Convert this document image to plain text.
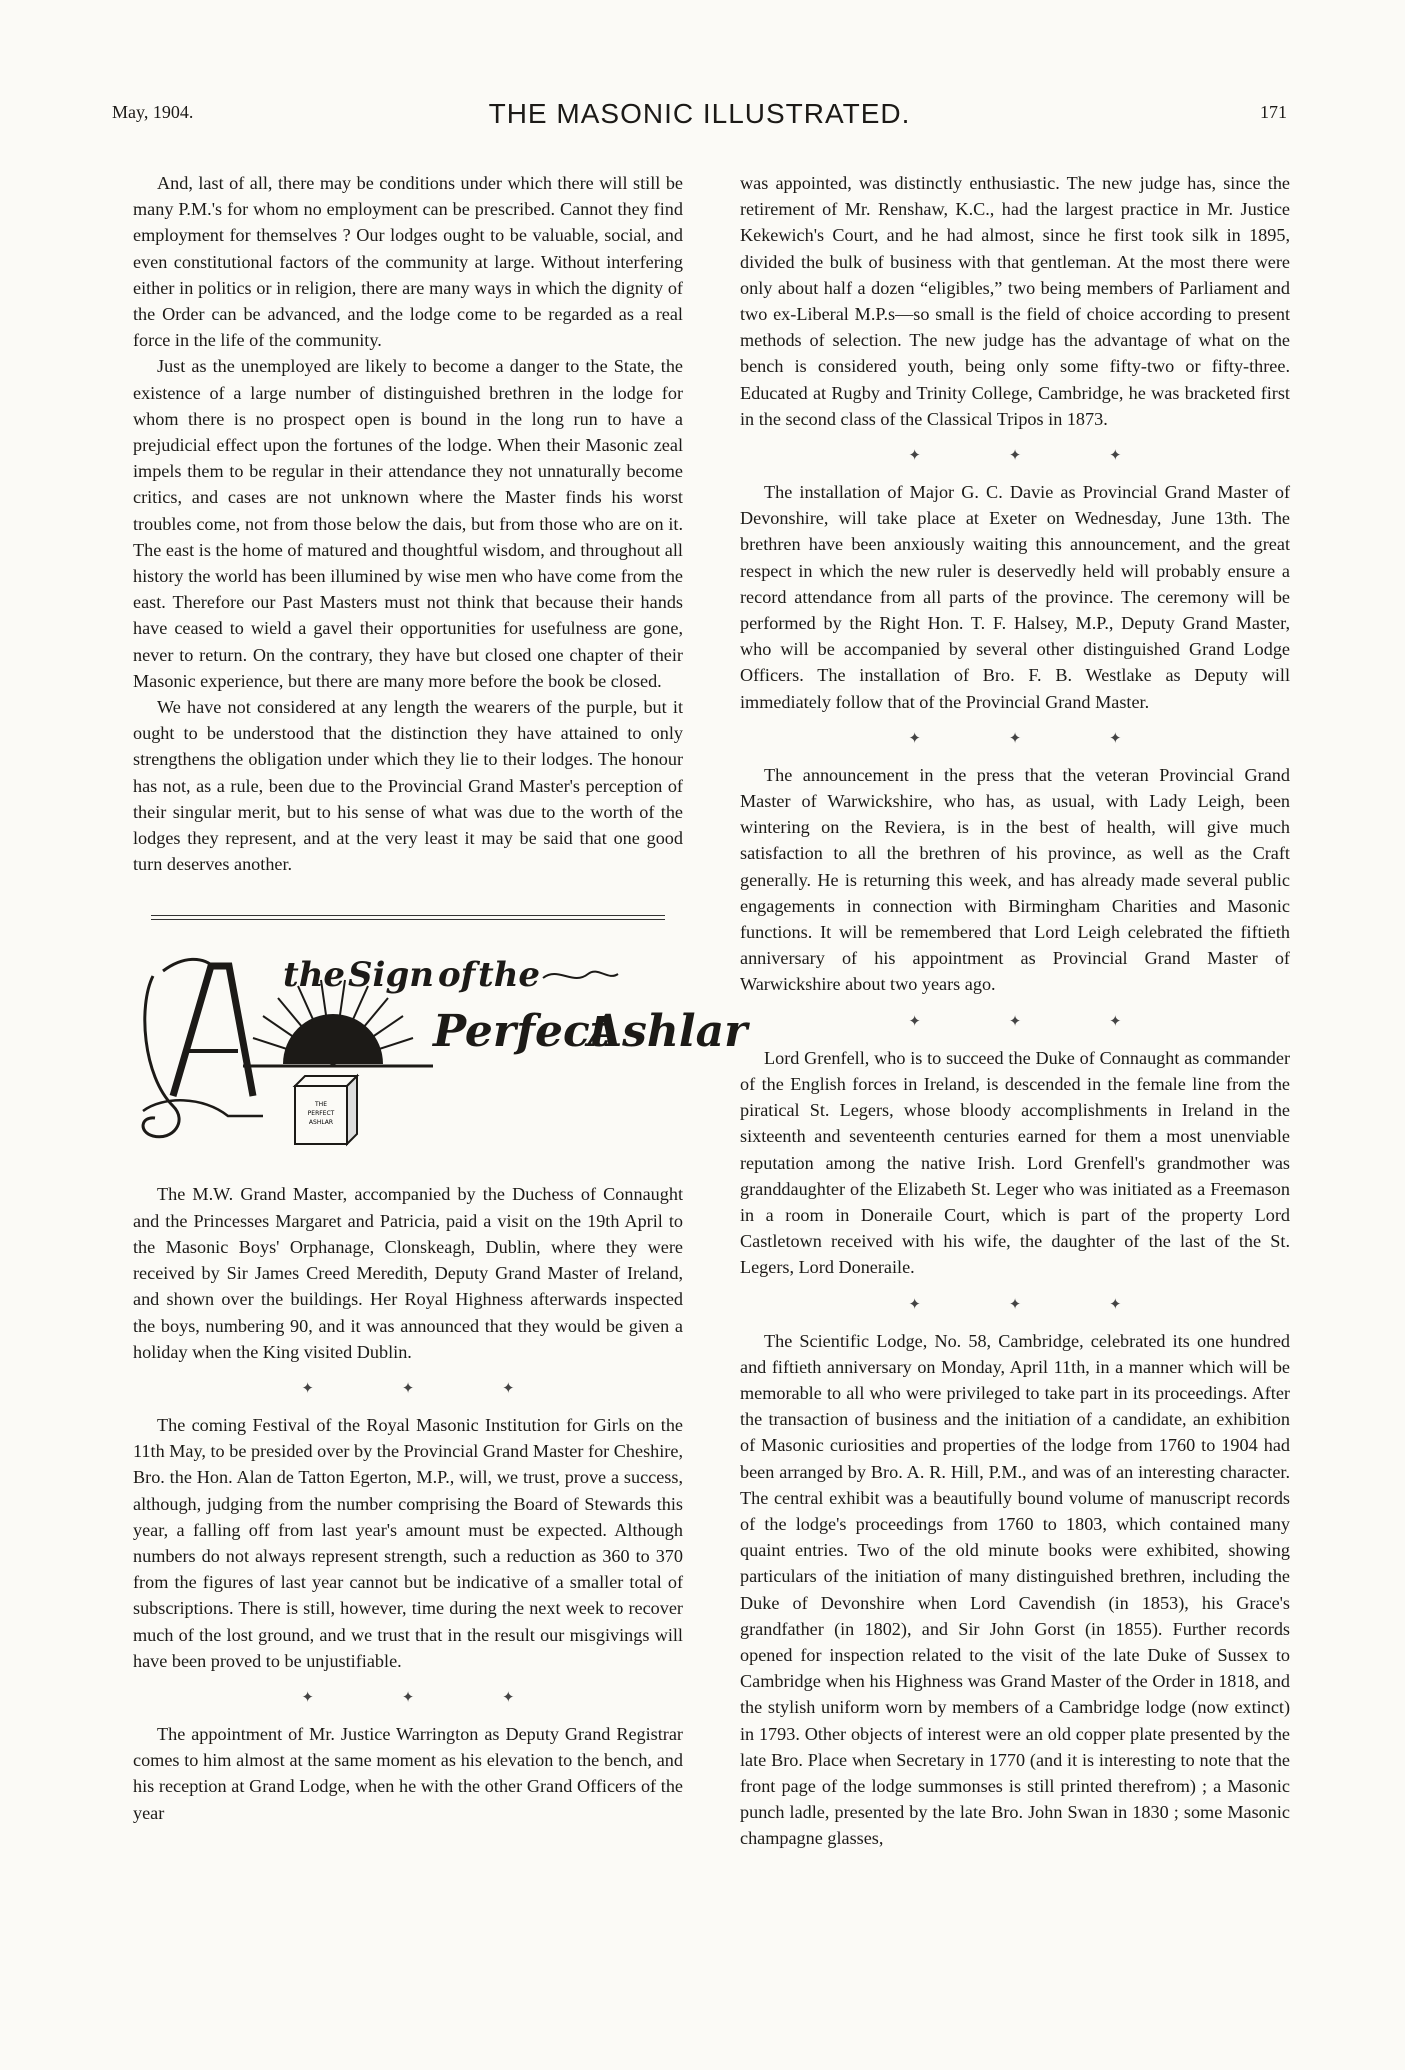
May, 1904.	THE MASONIC ILLUSTRATED.	171

And, last of all, there may be conditions under which there will still be many P.M.'s for whom no employment can be prescribed. Cannot they find employment for themselves ? Our lodges ought to be valuable, social, and even constitutional factors of the community at large. Without interfering either in politics or in religion, there are many ways in which the dignity of the Order can be advanced, and the lodge come to be regarded as a real force in the life of the community.

Just as the unemployed are likely to become a danger to the State, the existence of a large number of distinguished brethren in the lodge for whom there is no prospect open is bound in the long run to have a prejudicial effect upon the fortunes of the lodge. When their Masonic zeal impels them to be regular in their attendance they not unnaturally become critics, and cases are not unknown where the Master finds his worst troubles come, not from those below the dais, but from those who are on it. The east is the home of matured and thoughtful wisdom, and throughout all history the world has been illumined by wise men who have come from the east. Therefore our Past Masters must not think that because their hands have ceased to wield a gavel their opportunities for usefulness are gone, never to return. On the contrary, they have but closed one chapter of their Masonic experience, but there are many more before the book be closed.

We have not considered at any length the wearers of the purple, but it ought to be understood that the distinction they have attained to only strengthens the obligation under which they lie to their lodges. The honour has not, as a rule, been due to the Provincial Grand Master's perception of their singular merit, but to his sense of what was due to the worth of the lodges they represent, and at the very least it may be said that one good turn deserves another.

THE
PERFECT
ASHLAR
the Sign of the
Perfect
Ashlar

The M.W. Grand Master, accompanied by the Duchess of Connaught and the Princesses Margaret and Patricia, paid a visit on the 19th April to the Masonic Boys' Orphanage, Clonskeagh, Dublin, where they were received by Sir James Creed Meredith, Deputy Grand Master of Ireland, and shown over the buildings. Her Royal Highness afterwards inspected the boys, numbering 90, and it was announced that they would be given a holiday when the King visited Dublin.

✦ ✦ ✦

The coming Festival of the Royal Masonic Institution for Girls on the 11th May, to be presided over by the Provincial Grand Master for Cheshire, Bro. the Hon. Alan de Tatton Egerton, M.P., will, we trust, prove a success, although, judging from the number comprising the Board of Stewards this year, a falling off from last year's amount must be expected. Although numbers do not always represent strength, such a reduction as 360 to 370 from the figures of last year cannot but be indicative of a smaller total of subscriptions. There is still, however, time during the next week to recover much of the lost ground, and we trust that in the result our misgivings will have been proved to be unjustifiable.

✦ ✦ ✦

The appointment of Mr. Justice Warrington as Deputy Grand Registrar comes to him almost at the same moment as his elevation to the bench, and his reception at Grand Lodge, when he with the other Grand Officers of the year

was appointed, was distinctly enthusiastic. The new judge has, since the retirement of Mr. Renshaw, K.C., had the largest practice in Mr. Justice Kekewich's Court, and he had almost, since he first took silk in 1895, divided the bulk of business with that gentleman. At the most there were only about half a dozen “eligibles,” two being members of Parliament and two ex-Liberal M.P.s—so small is the field of choice according to present methods of selection. The new judge has the advantage of what on the bench is considered youth, being only some fifty-two or fifty-three. Educated at Rugby and Trinity College, Cambridge, he was bracketed first in the second class of the Classical Tripos in 1873.

✦ ✦ ✦

The installation of Major G. C. Davie as Provincial Grand Master of Devonshire, will take place at Exeter on Wednesday, June 13th. The brethren have been anxiously waiting this announcement, and the great respect in which the new ruler is deservedly held will probably ensure a record attendance from all parts of the province. The ceremony will be performed by the Right Hon. T. F. Halsey, M.P., Deputy Grand Master, who will be accompanied by several other distinguished Grand Lodge Officers. The installation of Bro. F. B. Westlake as Deputy will immediately follow that of the Provincial Grand Master.

✦ ✦ ✦

The announcement in the press that the veteran Provincial Grand Master of Warwickshire, who has, as usual, with Lady Leigh, been wintering on the Reviera, is in the best of health, will give much satisfaction to all the brethren of his province, as well as the Craft generally. He is returning this week, and has already made several public engagements in connection with Birmingham Charities and Masonic functions. It will be remembered that Lord Leigh celebrated the fiftieth anniversary of his appointment as Provincial Grand Master of Warwickshire about two years ago.

✦ ✦ ✦

Lord Grenfell, who is to succeed the Duke of Connaught as commander of the English forces in Ireland, is descended in the female line from the piratical St. Legers, whose bloody accomplishments in Ireland in the sixteenth and seventeenth centuries earned for them a most unenviable reputation among the native Irish. Lord Grenfell's grandmother was granddaughter of the Elizabeth St. Leger who was initiated as a Freemason in a room in Doneraile Court, which is part of the property Lord Castletown received with his wife, the daughter of the last of the St. Legers, Lord Doneraile.

✦ ✦ ✦

The Scientific Lodge, No. 58, Cambridge, celebrated its one hundred and fiftieth anniversary on Monday, April 11th, in a manner which will be memorable to all who were privileged to take part in its proceedings. After the transaction of business and the initiation of a candidate, an exhibition of Masonic curiosities and properties of the lodge from 1760 to 1904 had been arranged by Bro. A. R. Hill, P.M., and was of an interesting character. The central exhibit was a beautifully bound volume of manuscript records of the lodge's proceedings from 1760 to 1803, which contained many quaint entries. Two of the old minute books were exhibited, showing particulars of the initiation of many distinguished brethren, including the Duke of Devonshire when Lord Cavendish (in 1853), his Grace's grandfather (in 1802), and Sir John Gorst (in 1855). Further records opened for inspection related to the visit of the late Duke of Sussex to Cambridge when his Highness was Grand Master of the Order in 1818, and the stylish uniform worn by members of a Cambridge lodge (now extinct) in 1793. Other objects of interest were an old copper plate presented by the late Bro. Place when Secretary in 1770 (and it is interesting to note that the front page of the lodge summonses is still printed therefrom) ; a Masonic punch ladle, presented by the late Bro. John Swan in 1830 ; some Masonic champagne glasses,
